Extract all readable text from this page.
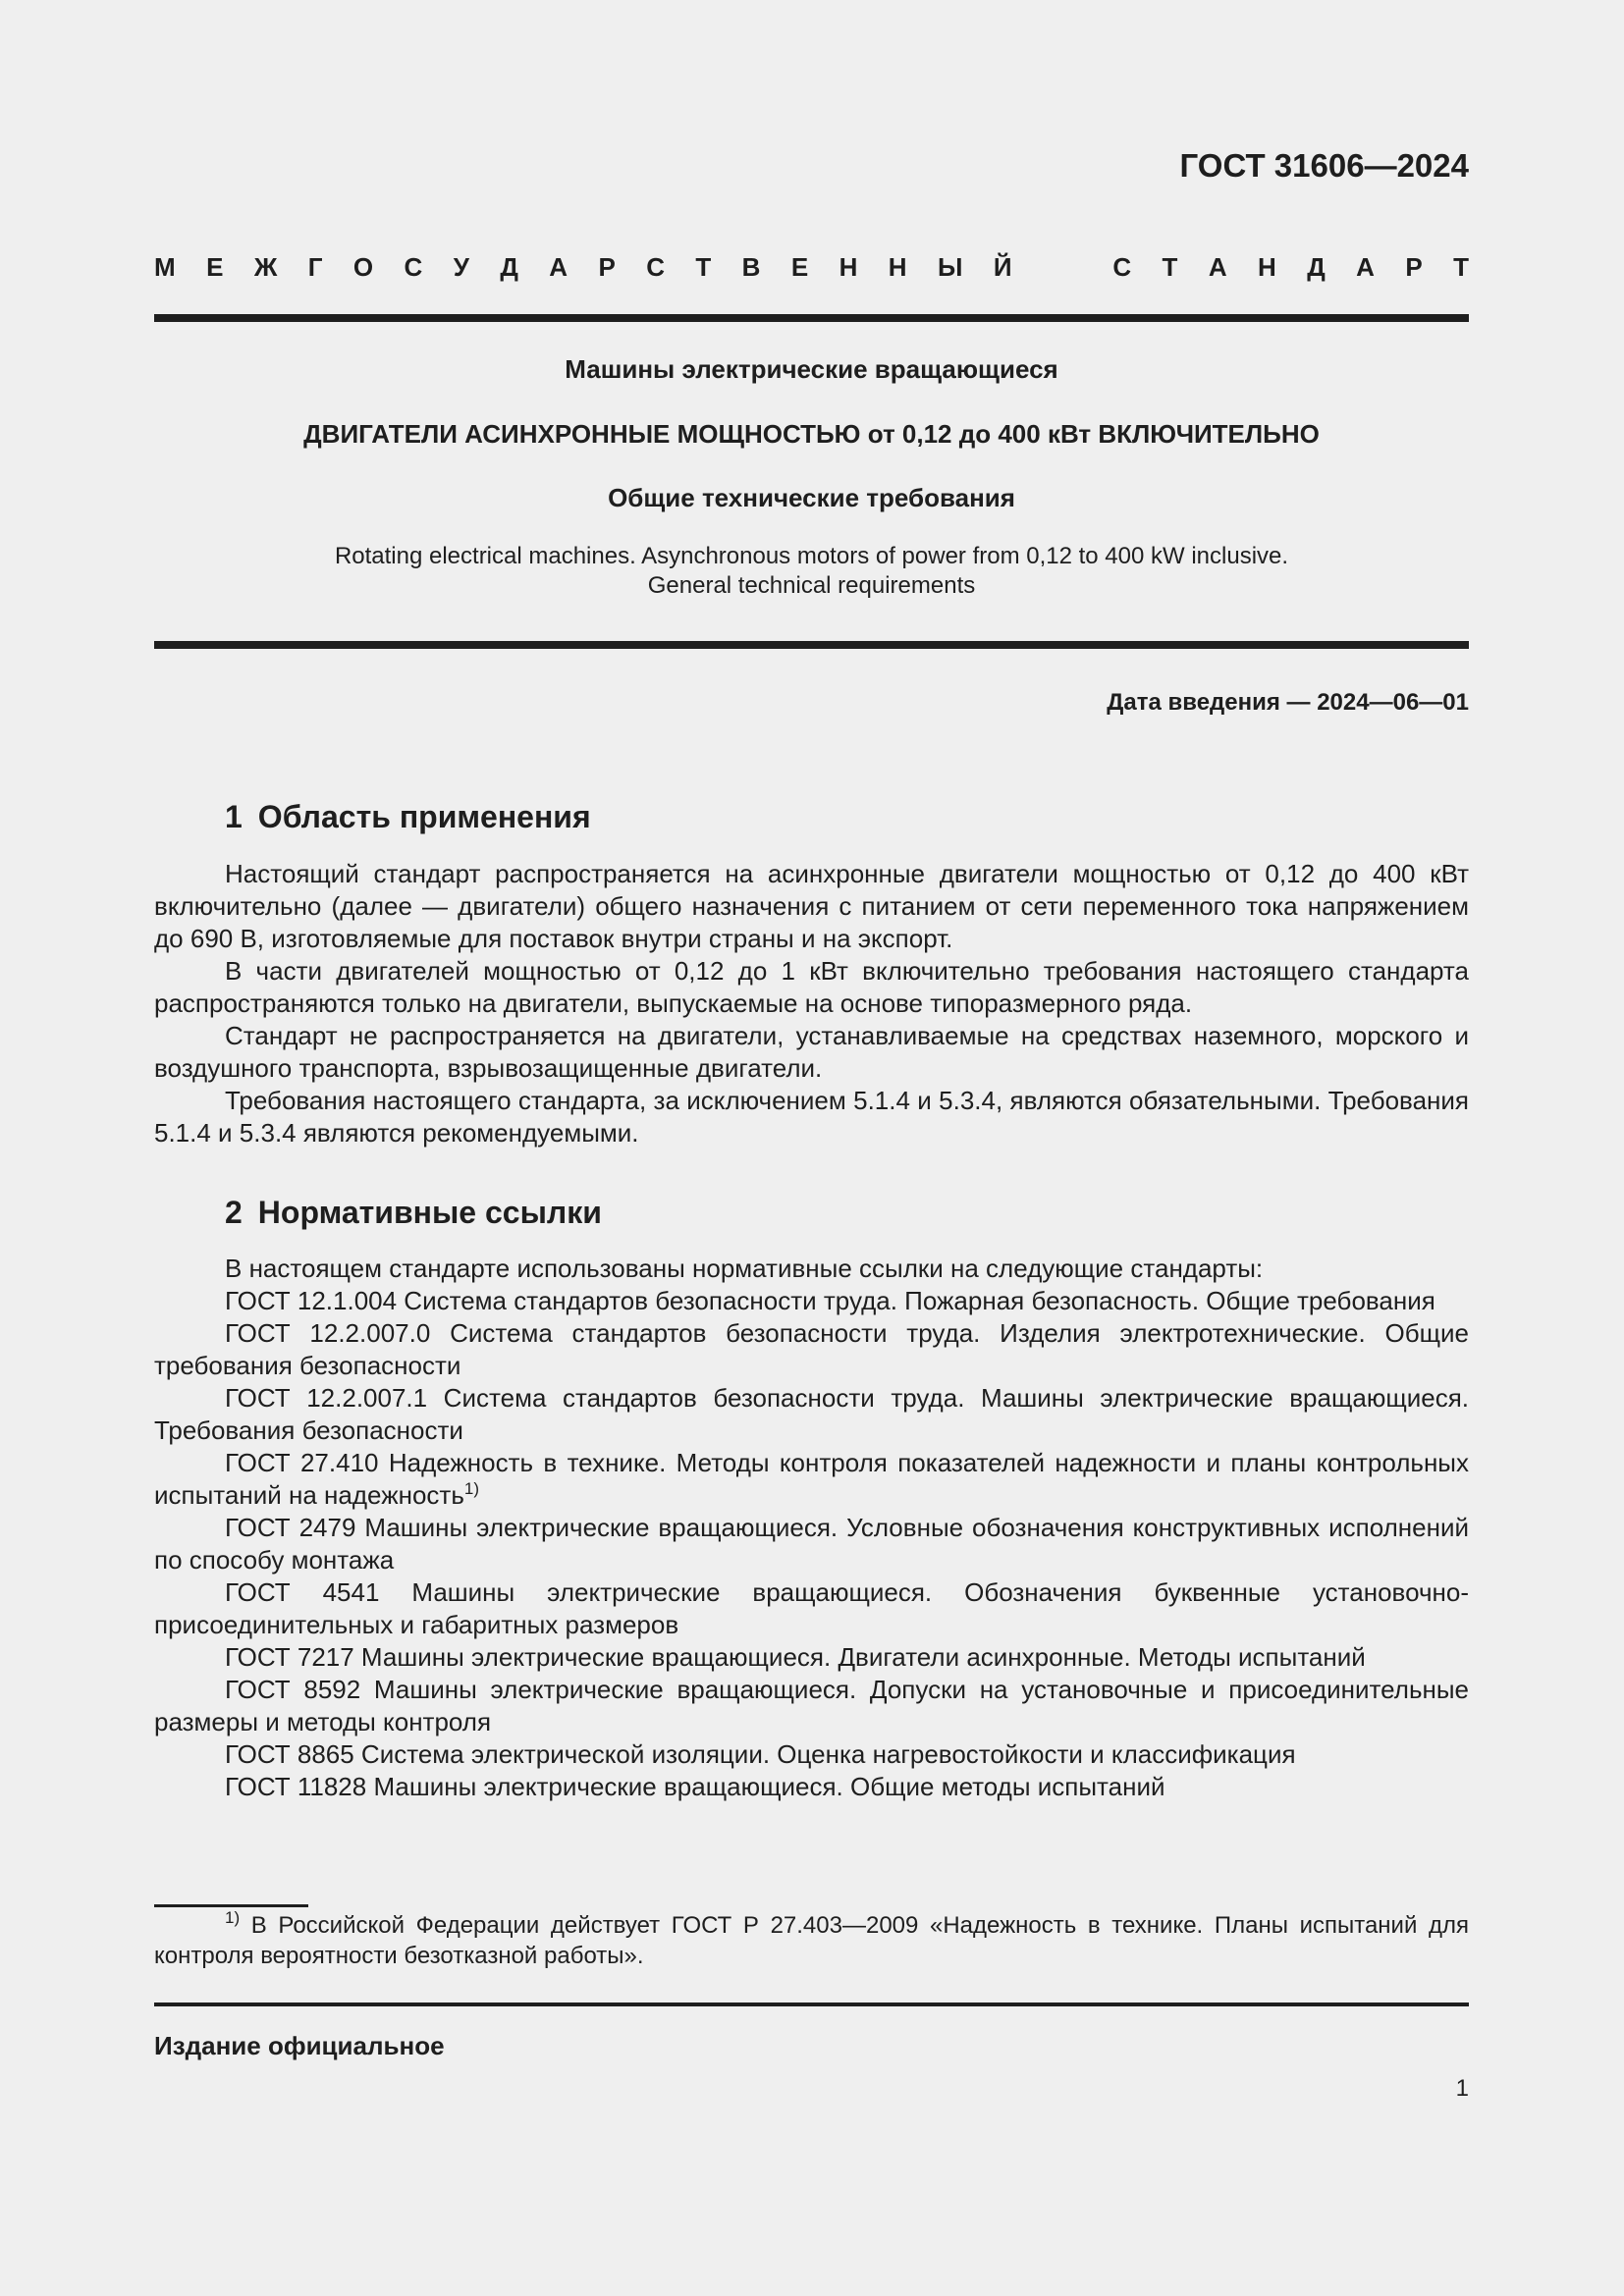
ГОСТ 31606—2024
М Е Ж Г О С У Д А Р С Т В Е Н Н Ы Й	С Т А Н Д А Р Т
Машины электрические вращающиеся
ДВИГАТЕЛИ АСИНХРОННЫЕ МОЩНОСТЬЮ от 0,12 до 400 кВт ВКЛЮЧИТЕЛЬНО
Общие технические требования
Rotating electrical machines. Asynchronous motors of power from 0,12 to 400 kW inclusive.
General technical requirements
Дата введения — 2024—06—01
1 Область применения

Настоящий стандарт распространяется на асинхронные двигатели мощностью от 0,12 до 400 кВт включительно (далее — двигатели) общего назначения с питанием от сети переменного тока напряжением до 690 В, изготовляемые для поставок внутри страны и на экспорт.

В части двигателей мощностью от 0,12 до 1 кВт включительно требования настоящего стандарта распространяются только на двигатели, выпускаемые на основе типоразмерного ряда.

Стандарт не распространяется на двигатели, устанавливаемые на средствах наземного, морского и воздушного транспорта, взрывозащищенные двигатели.

Требования настоящего стандарта, за исключением 5.1.4 и 5.3.4, являются обязательными. Требования 5.1.4 и 5.3.4 являются рекомендуемыми.

2 Нормативные ссылки

В настоящем стандарте использованы нормативные ссылки на следующие стандарты:

ГОСТ 12.1.004 Система стандартов безопасности труда. Пожарная безопасность. Общие требования

ГОСТ 12.2.007.0 Система стандартов безопасности труда. Изделия электротехнические. Общие требования безопасности

ГОСТ 12.2.007.1 Система стандартов безопасности труда. Машины электрические вращающиеся. Требования безопасности

ГОСТ 27.410 Надежность в технике. Методы контроля показателей надежности и планы контрольных испытаний на надежность$^{1)}$

ГОСТ 2479 Машины электрические вращающиеся. Условные обозначения конструктивных исполнений по способу монтажа

ГОСТ 4541 Машины электрические вращающиеся. Обозначения буквенные установочно-присоединительных и габаритных размеров

ГОСТ 7217 Машины электрические вращающиеся. Двигатели асинхронные. Методы испытаний

ГОСТ 8592 Машины электрические вращающиеся. Допуски на установочные и присоединительные размеры и методы контроля

ГОСТ 8865 Система электрической изоляции. Оценка нагревостойкости и классификация

ГОСТ 11828 Машины электрические вращающиеся. Общие методы испытаний

$^{1)}$ В Российской Федерации действует ГОСТ Р 27.403—2009 «Надежность в технике. Планы испытаний для контроля вероятности безотказной работы».

Издание официальное
1
